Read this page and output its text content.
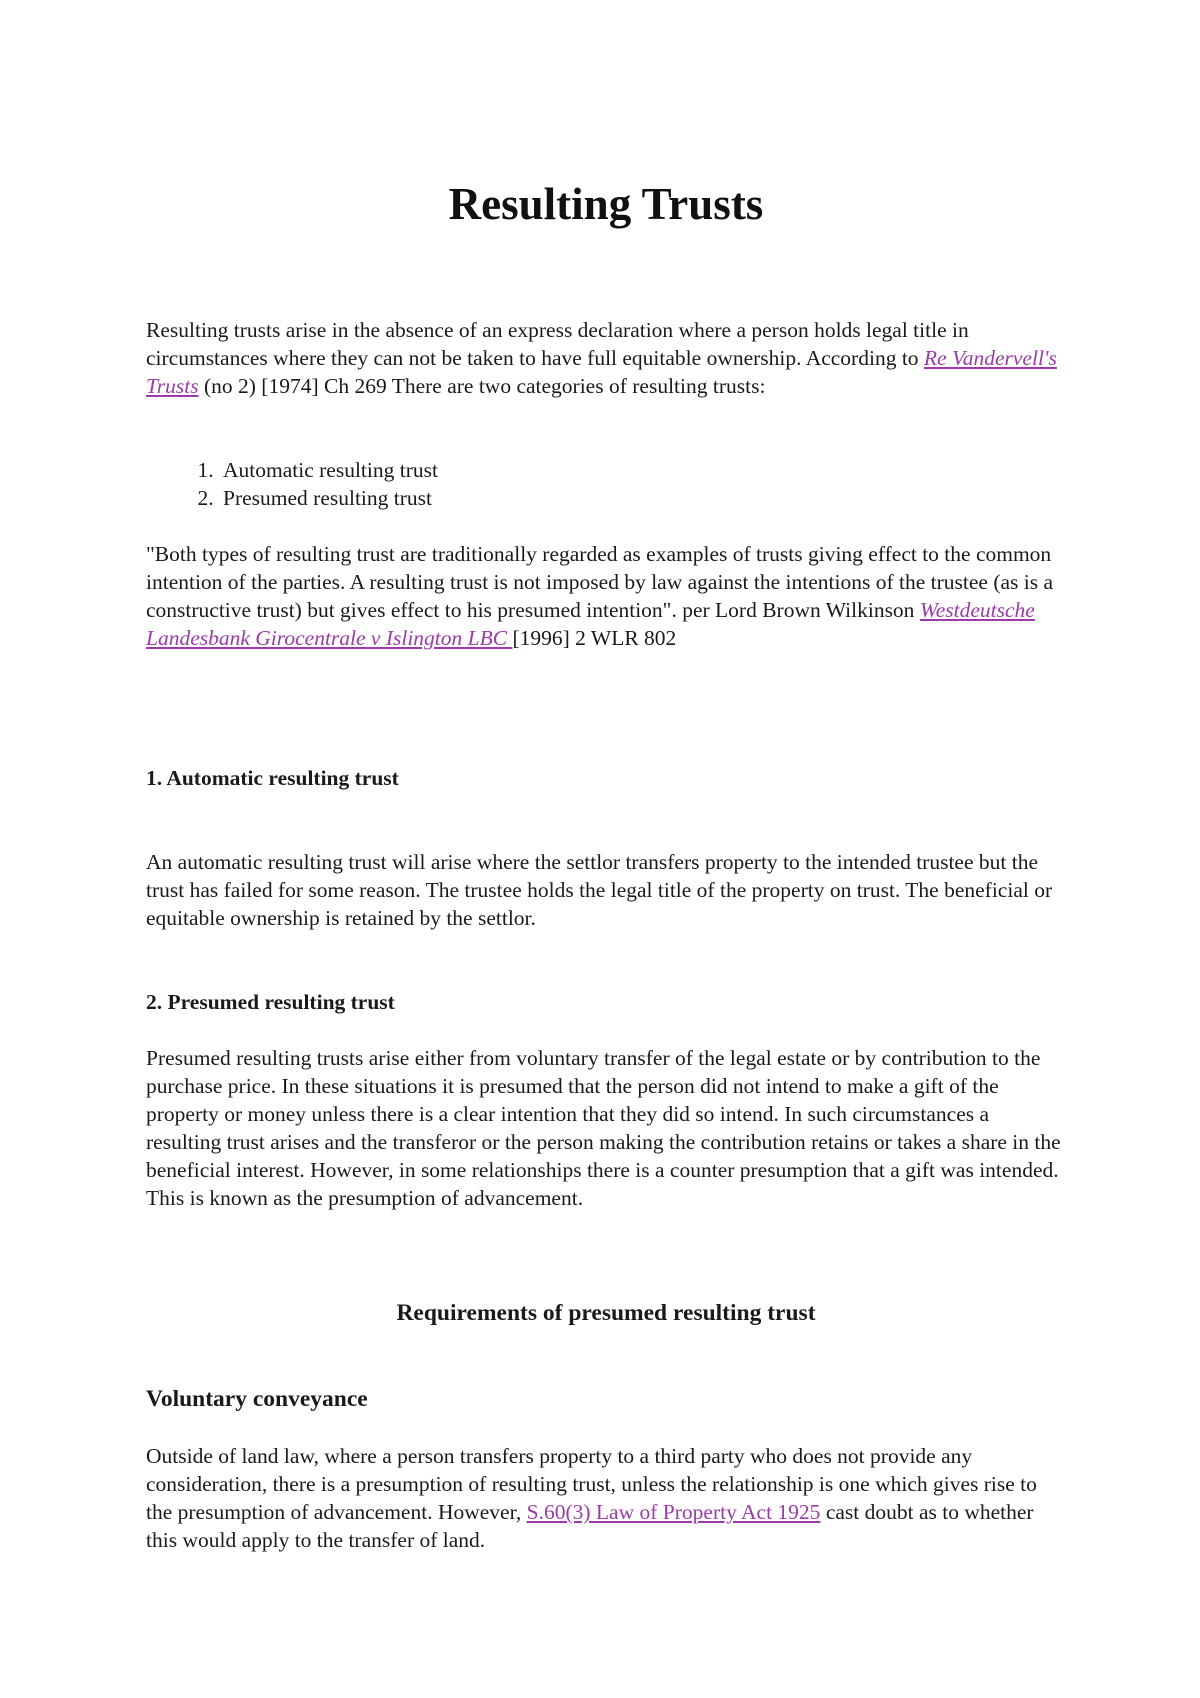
Resulting Trusts

Resulting trusts arise in the absence of an express declaration where a person holds legal title in circumstances where they can not be taken to have full equitable ownership. According to Re Vandervell's Trusts (no 2) [1974] Ch 269 There are two categories of resulting trusts:

1. Automatic resulting trust
2. Presumed resulting trust

"Both types of resulting trust are traditionally regarded as examples of trusts giving effect to the common intention of the parties. A resulting trust is not imposed by law against the intentions of the trustee (as is a constructive trust) but gives effect to his presumed intention". per Lord Brown Wilkinson Westdeutsche Landesbank Girocentrale v Islington LBC [1996] 2 WLR 802

1. Automatic resulting trust

An automatic resulting trust will arise where the settlor transfers property to the intended trustee but the trust has failed for some reason. The trustee holds the legal title of the property on trust. The beneficial or equitable ownership is retained by the settlor.

2. Presumed resulting trust

Presumed resulting trusts arise either from voluntary transfer of the legal estate or by contribution to the purchase price. In these situations it is presumed that the person did not intend to make a gift of the property or money unless there is a clear intention that they did so intend. In such circumstances a resulting trust arises and the transferor or the person making the contribution retains or takes a share in the beneficial interest. However, in some relationships there is a counter presumption that a gift was intended. This is known as the presumption of advancement.

Requirements of presumed resulting trust
Voluntary conveyance

Outside of land law, where a person transfers property to a third party who does not provide any consideration, there is a presumption of resulting trust, unless the relationship is one which gives rise to the presumption of advancement. However, S.60(3) Law of Property Act 1925 cast doubt as to whether this would apply to the transfer of land.
